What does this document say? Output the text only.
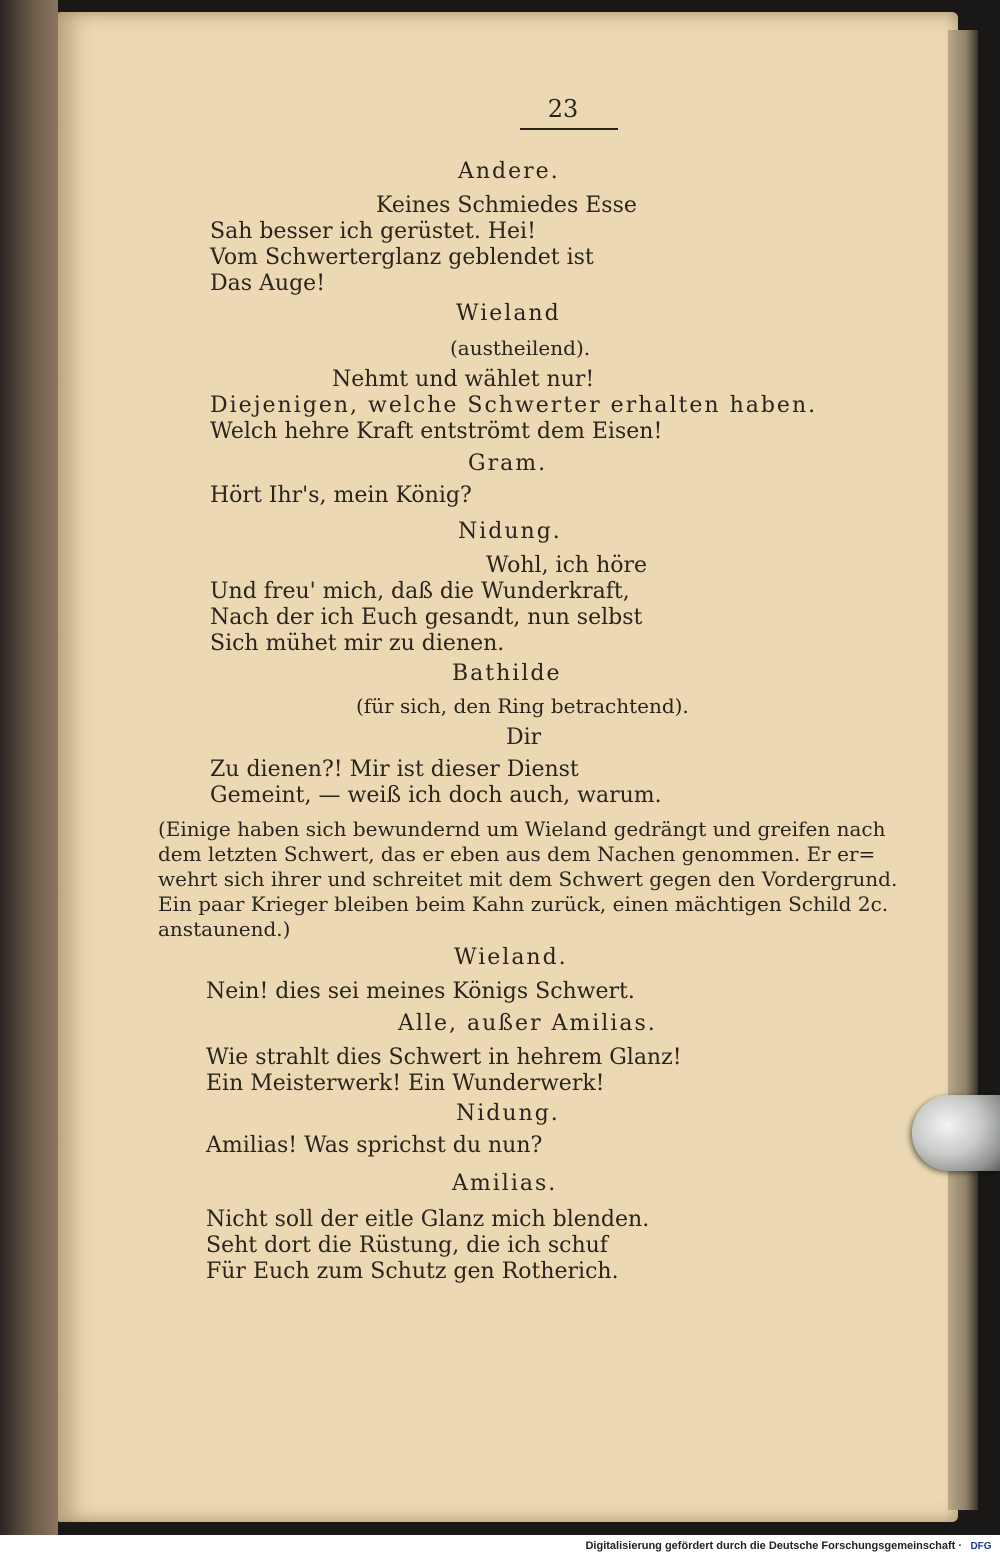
23
Andere.
Keines Schmiedes Esse
Sah besser ich gerüstet. Hei!
Vom Schwerterglanz geblendet ist
Das Auge!
Wieland
(austheilend).
Nehmt und wählet nur!
Diejenigen, welche Schwerter erhalten haben.
Welch hehre Kraft entströmt dem Eisen!
Gram.
Hört Ihr's, mein König?
Nidung.
Wohl, ich höre
Und freu' mich, daß die Wunderkraft,
Nach der ich Euch gesandt, nun selbst
Sich mühet mir zu dienen.
Bathilde
(für sich, den Ring betrachtend).
Dir
Zu dienen?! Mir ist dieser Dienst
Gemeint, — weiß ich doch auch, warum.
(Einige haben sich bewundernd um Wieland gedrängt und greifen nach
dem letzten Schwert, das er eben aus dem Nachen genommen. Er er=
wehrt sich ihrer und schreitet mit dem Schwert gegen den Vordergrund.
Ein paar Krieger bleiben beim Kahn zurück, einen mächtigen Schild 2c.
anstaunend.)
Wieland.
Nein! dies sei meines Königs Schwert.
Alle, außer Amilias.
Wie strahlt dies Schwert in hehrem Glanz!
Ein Meisterwerk! Ein Wunderwerk!
Nidung.
Amilias! Was sprichst du nun?
Amilias.
Nicht soll der eitle Glanz mich blenden.
Seht dort die Rüstung, die ich schuf
Für Euch zum Schutz gen Rotherich.
Digitalisierung gefördert durch die Deutsche Forschungsgemeinschaft · DFG
